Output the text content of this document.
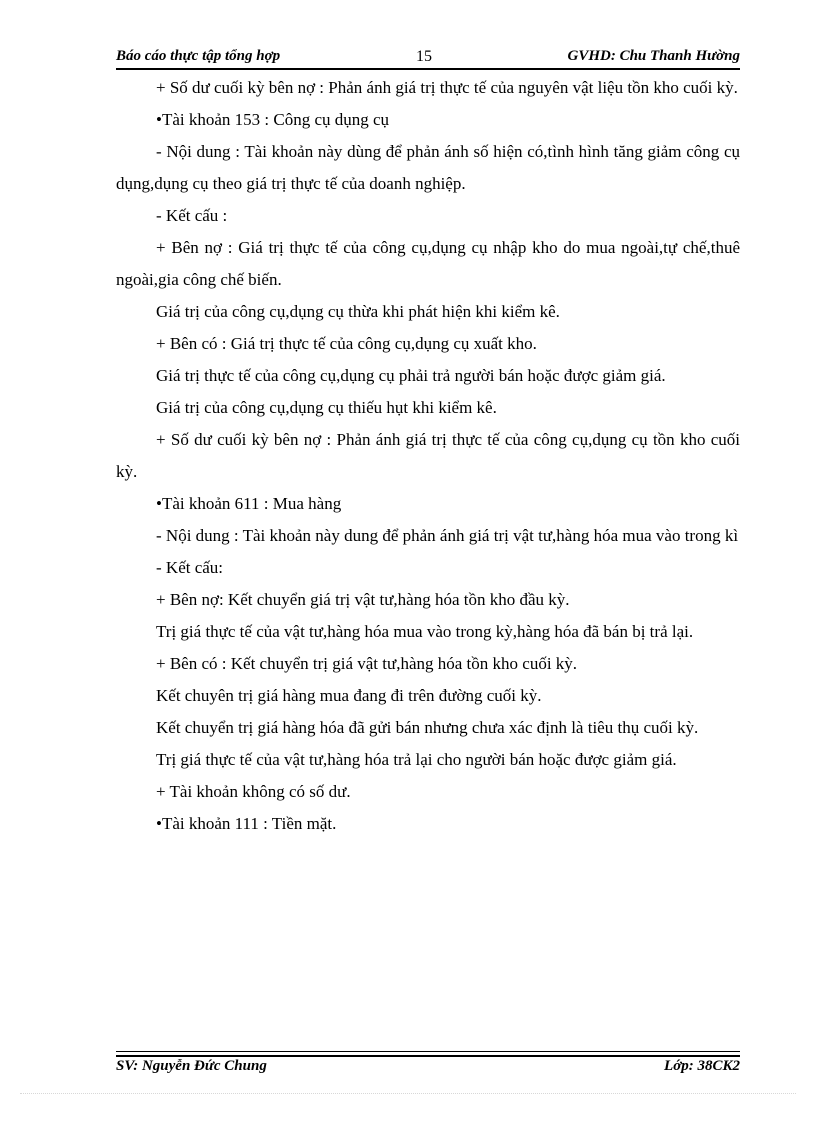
Báo cáo thực tập tổng hợp	15	GVHD: Chu Thanh Hường

+ Số dư cuối kỳ bên nợ : Phản ánh giá trị thực tế của nguyên vật liệu tồn kho cuối kỳ.

•Tài khoản 153 : Công cụ dụng cụ

- Nội dung : Tài khoản này dùng để phản ánh số hiện có,tình hình tăng giảm công cụ dụng,dụng cụ theo giá trị thực tế của doanh nghiệp.

- Kết cấu :

+ Bên nợ : Giá trị thực tế của công cụ,dụng cụ nhập kho do mua ngoài,tự chế,thuê ngoài,gia công chế biến.

Giá trị của công cụ,dụng cụ thừa khi phát hiện khi kiểm kê.

+ Bên có : Giá trị thực tế của công cụ,dụng cụ xuất kho.

Giá trị thực tế của công cụ,dụng cụ phải trả người bán hoặc được giảm giá.

Giá trị của công cụ,dụng cụ thiếu hụt khi kiểm kê.

+ Số dư cuối kỳ bên nợ : Phản ánh giá trị thực tế của công cụ,dụng cụ tồn kho cuối kỳ.

•Tài khoản 611 : Mua hàng

- Nội dung : Tài khoản này dung để phản ánh giá trị vật tư,hàng hóa mua vào trong kì

- Kết cấu:

+ Bên nợ: Kết chuyển giá trị vật tư,hàng hóa tồn kho đầu kỳ.

Trị giá thực tế của vật tư,hàng hóa mua vào trong kỳ,hàng hóa đã bán bị trả lại.

+ Bên có : Kết chuyển trị giá vật tư,hàng hóa tồn kho cuối kỳ.

Kết chuyên trị giá hàng mua đang đi trên đường cuối kỳ.

Kết chuyển trị giá hàng hóa đã gửi bán nhưng chưa xác định là tiêu thụ cuối kỳ.

Trị giá thực tế của vật tư,hàng hóa trả lại cho người bán hoặc được giảm giá.

+ Tài khoản không có số dư.

•Tài khoản 111 : Tiền mặt.

SV: Nguyễn Đức Chung	Lớp: 38CK2
